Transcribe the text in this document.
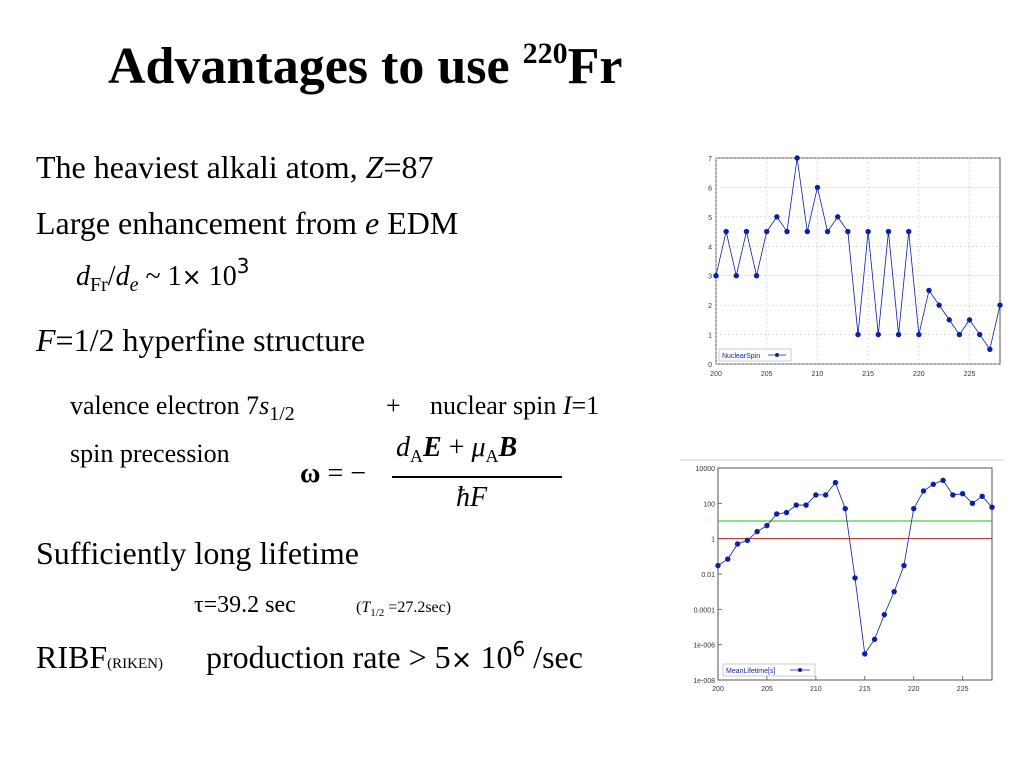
Advantages to use $^{220}$Fr
The heaviest alkali atom, Z=87
Large enhancement from e EDM
$d_{Fr}/d_e$ ~ $1\times 10^3$
F=1/2 hyperfine structure
valence electron $7s_{1/2}$	+ nuclear spin I=1
spin precession
ω = −
$d_AE + \mu_AB$
ħF
Sufficiently long lifetime
τ=39.2 sec	$(T_{1/2} =27.2\sec)$
RIBF(RIKEN) production rate > $5\times 10^6$ /sec
0
1
2
3
4
5
6
7
200	205	210	215	220	225
NuclearSpin
1e-008
1e-006
0.0001
0.01
1
100
10000
200	205	210	215	220	225
MeanLifetime[s]
